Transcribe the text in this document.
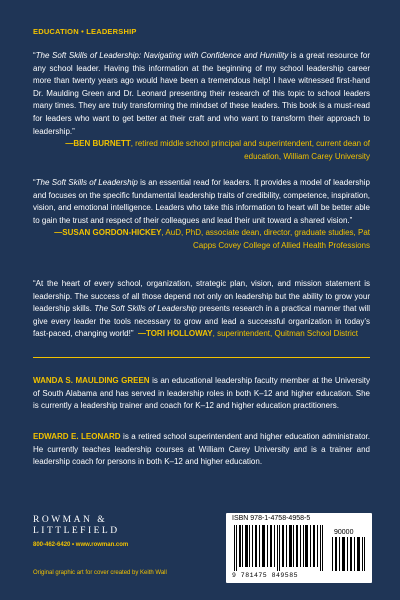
EDUCATION • LEADERSHIP
“The Soft Skills of Leadership: Navigating with Confidence and Humility is a great resource for any school leader. Having this information at the beginning of my school leadership career more than twenty years ago would have been a tremendous help! I have witnessed first-hand Dr. Maulding Green and Dr. Leonard presenting their research of this topic to school leaders many times. They are truly transforming the mindset of these leaders. This book is a must-read for leaders who want to get better at their craft and who want to transform their approach to leadership.”
—BEN BURNETT, retired middle school principal and superintendent, current dean of education, William Carey University
“The Soft Skills of Leadership is an essential read for leaders. It provides a model of leadership and focuses on the specific fundamental leadership traits of credibility, competence, inspiration, vision, and emotional intelligence. Leaders who take this information to heart will be better able to gain the trust and respect of their colleagues and lead their unit toward a shared vision.”
—SUSAN GORDON-HICKEY, AuD, PhD, associate dean, director, graduate studies, Pat Capps Covey College of Allied Health Professions
“At the heart of every school, organization, strategic plan, vision, and mission statement is leadership. The success of all those depend not only on leadership but the ability to grow your leadership skills. The Soft Skills of Leadership presents research in a practical manner that will give every leader the tools necessary to grow and lead a successful organization in today’s fast-paced, changing world!” —TORI HOLLOWAY, superintendent, Quitman School District
WANDA S. MAULDING GREEN is an educational leadership faculty member at the University of South Alabama and has served in leadership roles in both K–12 and higher education. She is currently a leadership trainer and coach for K–12 and higher education practitioners.
EDWARD E. LEONARD is a retired school superintendent and higher education administrator. He currently teaches leadership courses at William Carey University and is a trainer and leadership coach for persons in both K–12 and higher education.
ROWMAN &
LITTLEFIELD
800-462-6420 • www.rowman.com
Original graphic art for cover created by Keith Wall
ISBN 978-1-4758-4958-5
90000
9 781475 849585
